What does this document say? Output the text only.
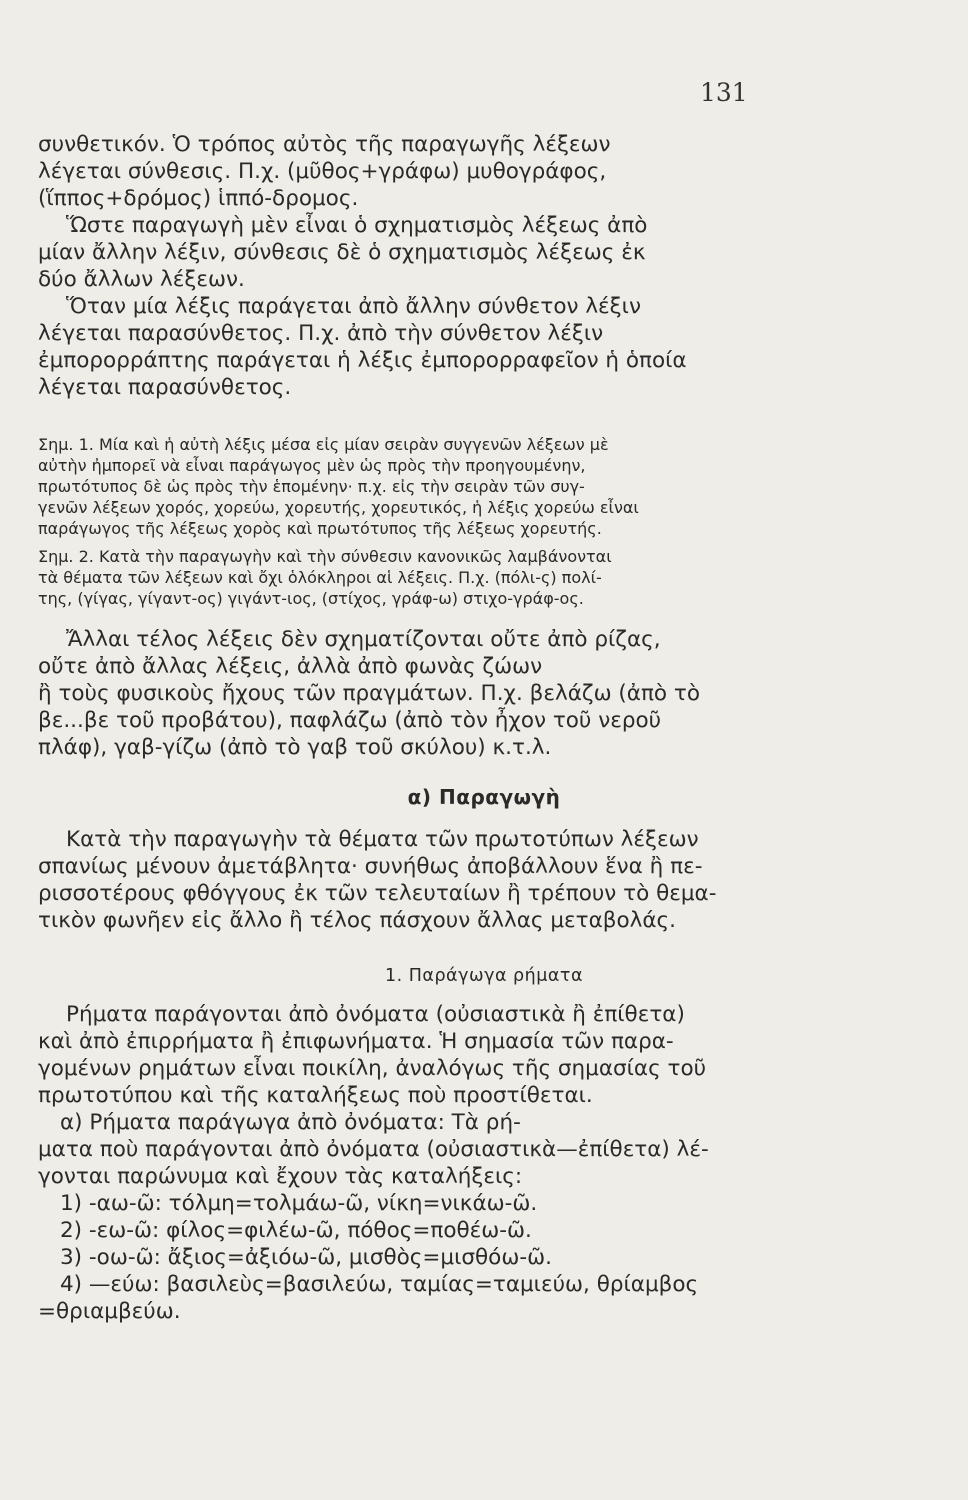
131
συνθετικόν. Ὁ τρόπος αὐτὸς τῆς παραγωγῆς λέξεων
λέγεται σύνθεσις. Π.χ. (μῦθος+γράφω) μυθογράφος,
(ἵππος+δρόμος) ἱππό-δρομος.
Ὥστε παραγωγὴ μὲν εἶναι ὁ σχηματισμὸς λέξεως ἀπὸ
μίαν ἄλλην λέξιν, σύνθεσις δὲ ὁ σχηματισμὸς λέξεως ἐκ
δύο ἄλλων λέξεων.
Ὅταν μία λέξις παράγεται ἀπὸ ἄλλην σύνθετον λέξιν
λέγεται παρασύνθετος. Π.χ. ἀπὸ τὴν σύνθετον λέξιν
ἐμπορορράπτης παράγεται ἡ λέξις ἐμπορορραφεῖον ἡ ὁποία
λέγεται παρασύνθετος.
Σημ. 1. Μία καὶ ἡ αὐτὴ λέξις μέσα εἰς μίαν σειρὰν συγγενῶν λέξεων μὲ
αὐτὴν ἠμπορεῖ νὰ εἶναι παράγωγος μὲν ὡς πρὸς τὴν προηγουμένην,
πρωτότυπος δὲ ὡς πρὸς τὴν ἑπομένην· π.χ. εἰς τὴν σειρὰν τῶν συγ-
γενῶν λέξεων χορός, χορεύω, χορευτής, χορευτικός, ἡ λέξις χορεύω εἶναι
παράγωγος τῆς λέξεως χορὸς καὶ πρωτότυπος τῆς λέξεως χορευτής.
Σημ. 2. Κατὰ τὴν παραγωγὴν καὶ τὴν σύνθεσιν κανονικῶς λαμβάνονται
τὰ θέματα τῶν λέξεων καὶ ὄχι ὁλόκληροι αἱ λέξεις. Π.χ. (πόλι-ς) πολί-
της, (γίγας, γίγαντ-ος) γιγάντ-ιος, (στίχος, γράφ-ω) στιχο-γράφ-ος.
Ἄλλαι τέλος λέξεις δὲν σχηματίζονται οὔτε ἀπὸ ρίζας,
οὔτε ἀπὸ ἄλλας λέξεις, ἀλλὰ ἀπὸ φωνὰς ζώων
ἢ τοὺς φυσικοὺς ἤχους τῶν πραγμάτων. Π.χ. βελάζω (ἀπὸ τὸ
βε...βε τοῦ προβάτου), παφλάζω (ἀπὸ τὸν ἦχον τοῦ νεροῦ
πλάφ), γαβ-γίζω (ἀπὸ τὸ γαβ τοῦ σκύλου) κ.τ.λ.
α) Παραγωγὴ
Κατὰ τὴν παραγωγὴν τὰ θέματα τῶν πρωτοτύπων λέξεων
σπανίως μένουν ἀμετάβλητα· συνήθως ἀποβάλλουν ἕνα ἢ πε-
ρισσοτέρους φθόγγους ἐκ τῶν τελευταίων ἢ τρέπουν τὸ θεμα-
τικὸν φωνῆεν εἰς ἄλλο ἢ τέλος πάσχουν ἄλλας μεταβολάς.
1. Παράγωγα ρήματα
Ρήματα παράγονται ἀπὸ ὀνόματα (οὐσιαστικὰ ἢ ἐπίθετα)
καὶ ἀπὸ ἐπιρρήματα ἢ ἐπιφωνήματα. Ἡ σημασία τῶν παρα-
γομένων ρημάτων εἶναι ποικίλη, ἀναλόγως τῆς σημασίας τοῦ
πρωτοτύπου καὶ τῆς καταλήξεως ποὺ προστίθεται.
α) Ρήματα παράγωγα ἀπὸ ὀνόματα: Τὰ ρή-
ματα ποὺ παράγονται ἀπὸ ὀνόματα (οὐσιαστικὰ—ἐπίθετα) λέ-
γονται παρώνυμα καὶ ἔχουν τὰς καταλήξεις:
1) -αω-ῶ: τόλμη=τολμάω-ῶ, νίκη=νικάω-ῶ.
2) -εω-ῶ: φίλος=φιλέω-ῶ, πόθος=ποθέω-ῶ.
3) -οω-ῶ: ἄξιος=ἀξιόω-ῶ, μισθὸς=μισθόω-ῶ.
4) —εύω: βασιλεὺς=βασιλεύω, ταμίας=ταμιεύω, θρίαμβος
=θριαμβεύω.
